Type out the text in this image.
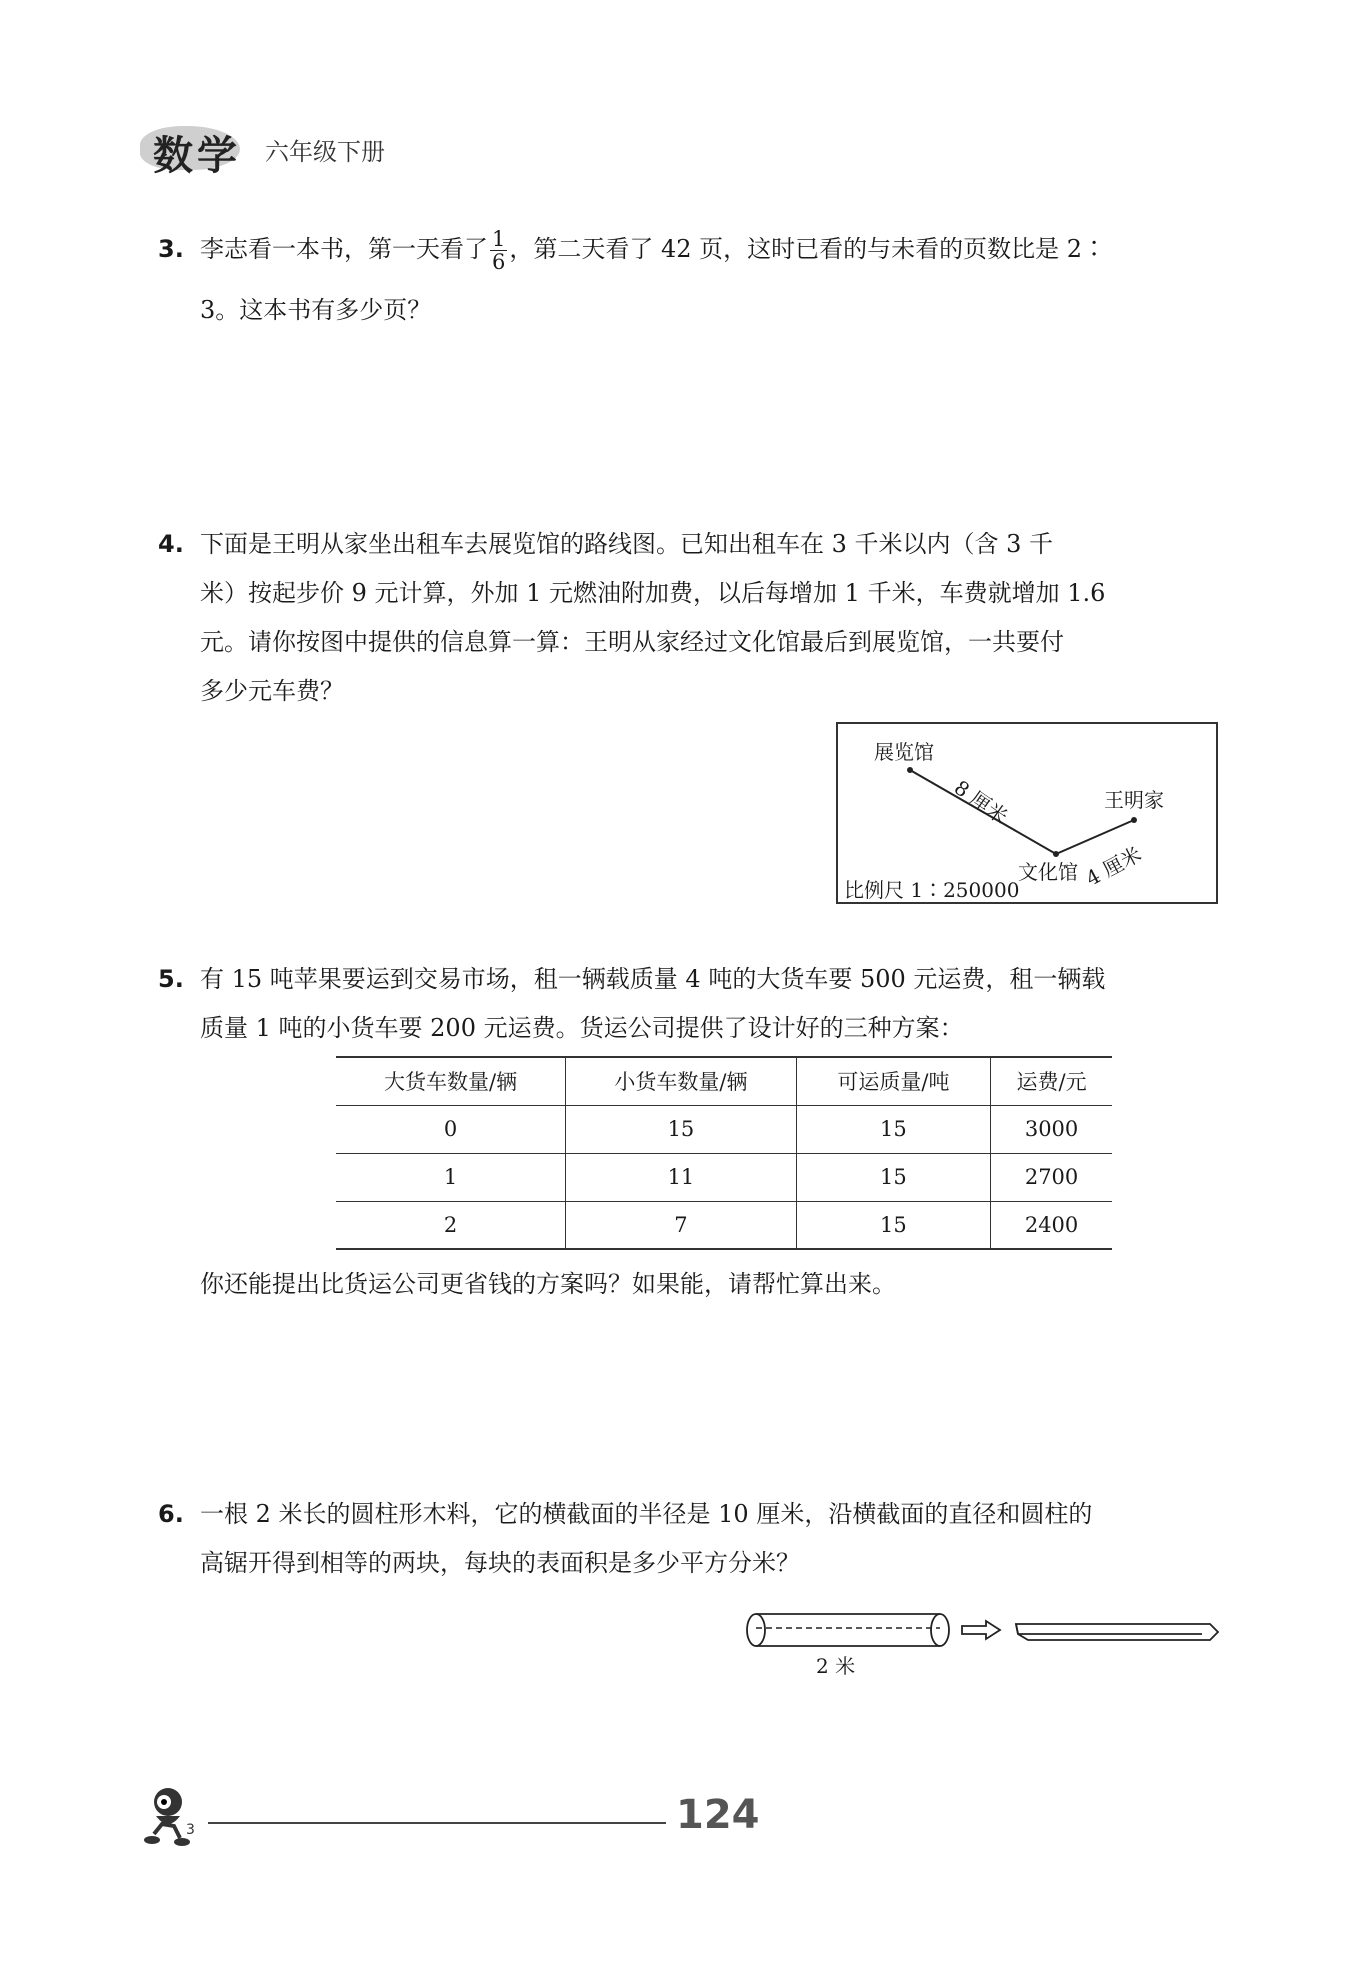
数学 六年级下册
3. 李志看一本书，第一天看了 $\frac{1}{6}$ ，第二天看了 42 页，这时已看的与未看的页数比是 2∶
3。这本书有多少页？
4. 下面是王明从家坐出租车去展览馆的路线图。已知出租车在 3 千米以内（含 3 千
米）按起步价 9 元计算，外加 1 元燃油附加费，以后每增加 1 千米，车费就增加 1.6
元。请你按图中提供的信息算一算：王明从家经过文化馆最后到展览馆，一共要付
多少元车费？
展览馆
8 厘米	王明家
4 厘米
文化馆
比例尺 1∶250000
5. 有 15 吨苹果要运到交易市场，租一辆载质量 4 吨的大货车要 500 元运费，租一辆载
质量 1 吨的小货车要 200 元运费。货运公司提供了设计好的三种方案：
大货车数量/辆	小货车数量/辆	可运质量/吨	运费/元
0	15	15	3000
1	11	15	2700
2	7	15	2400
你还能提出比货运公司更省钱的方案吗？如果能，请帮忙算出来。
6. 一根 2 米长的圆柱形木料，它的横截面的半径是 10 厘米，沿横截面的直径和圆柱的
高锯开得到相等的两块，每块的表面积是多少平方分米？
2 米
3	124
